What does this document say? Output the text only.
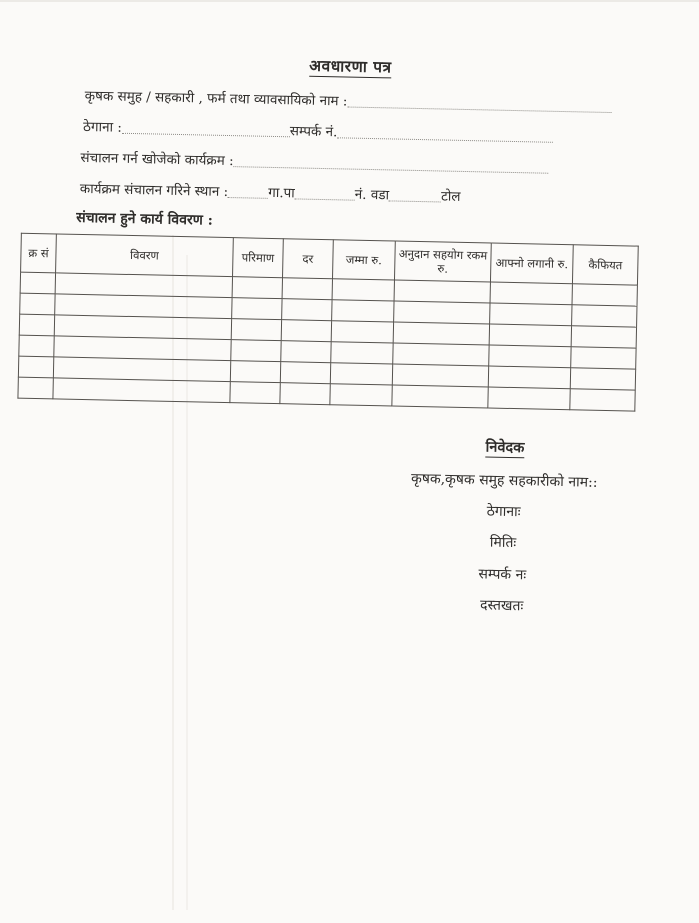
अवधारणा पत्र
कृषक समुह / सहकारी , फर्म तथा व्यावसायिको नाम :
ठेगाना :	सम्पर्क नं.
संचालन गर्न खोजेको कार्यक्रम :
कार्यक्रम संचालन गरिने स्थान :	गा.पा	नं. वडा	टोल
संचालन हुने कार्य विवरण :
क्र सं	विवरण	परिमाण	दर	जम्मा रु.	अनुदान सहयोग रकम रु.	आफ्नो लगानी रु.	कैफियत

निवेदक
कृषक,कृषक समुह सहकारीको नाम::
ठेगानाः
मितिः
सम्पर्क नः
दस्तखतः
